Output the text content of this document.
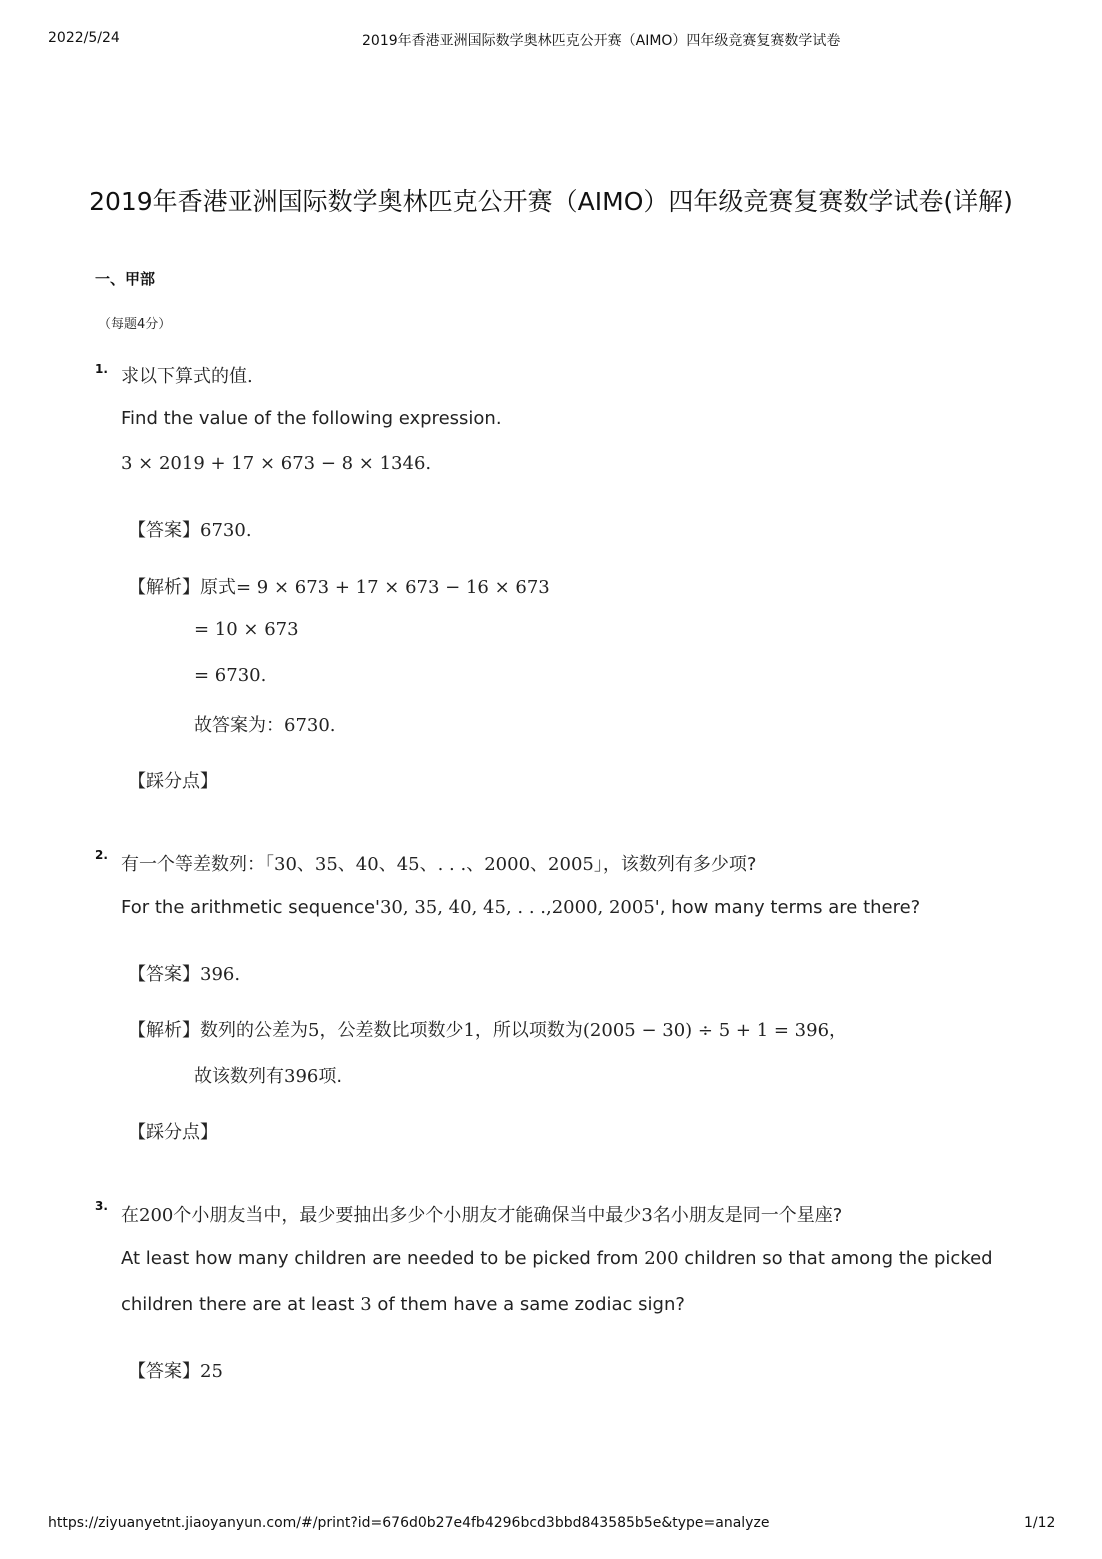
2022/5/24	2019年香港亚洲国际数学奥林匹克公开赛（AIMO）四年级竞赛复赛数学试卷
2019年香港亚洲国际数学奥林匹克公开赛（AIMO）四年级竞赛复赛数学试卷(详解)
一、甲部
（每题4分）
1. 求以下算式的值.
Find the value of the following expression.
3 × 2019 + 17 × 673 − 8 × 1346.
【答案】6730.
【解析】原式= 9 × 673 + 17 × 673 − 16 × 673
= 10 × 673
= 6730.
故答案为：6730.
【踩分点】
2. 有一个等差数列：「30、35、40、45、. . .、2000、2005」，该数列有多少项?
For the arithmetic sequence'30, 35, 40, 45, . . .,2000, 2005', how many terms are there?
【答案】396.
【解析】数列的公差为5，公差数比项数少1，所以项数为(2005 − 30) ÷ 5 + 1 = 396，
故该数列有396项.
【踩分点】
3. 在200个小朋友当中，最少要抽出多少个小朋友才能确保当中最少3名小朋友是同一个星座?
At least how many children are needed to be picked from 200 children so that among the picked
children there are at least 3 of them have a same zodiac sign?
【答案】25
https://ziyuanyetnt.jiaoyanyun.com/#/print?id=676d0b27e4fb4296bcd3bbd843585b5e&type=analyze	1/12
